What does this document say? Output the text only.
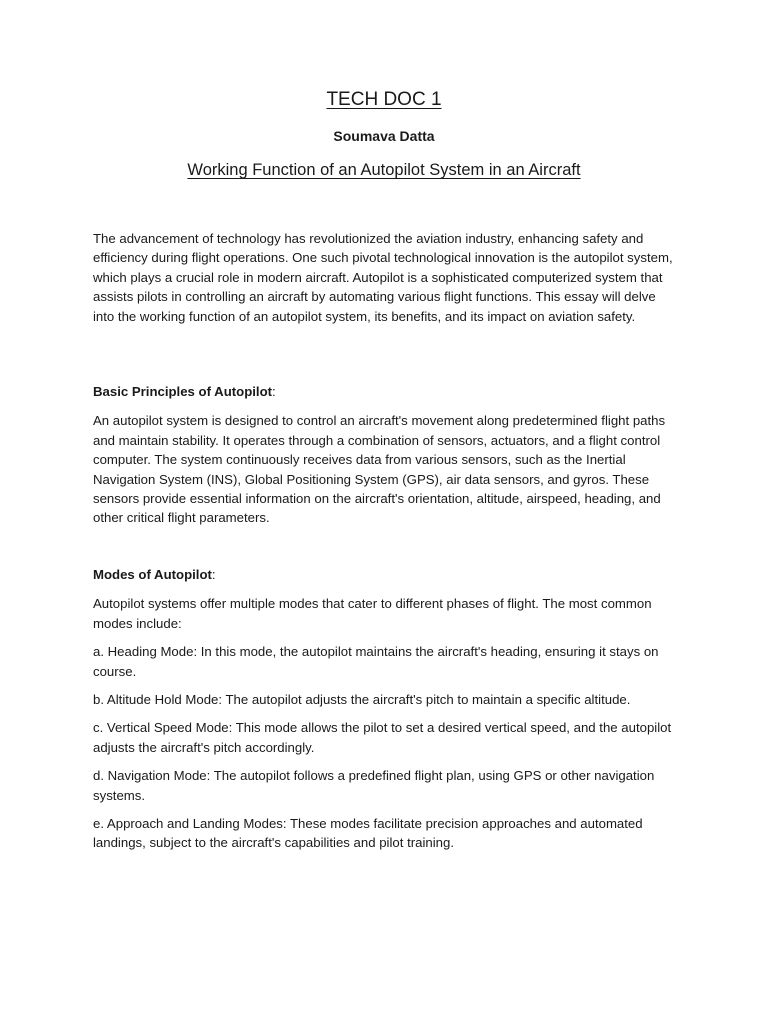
TECH DOC 1
Soumava Datta
Working Function of an Autopilot System in an Aircraft

The advancement of technology has revolutionized the aviation industry, enhancing safety and efficiency during flight operations. One such pivotal technological innovation is the autopilot system, which plays a crucial role in modern aircraft. Autopilot is a sophisticated computerized system that assists pilots in controlling an aircraft by automating various flight functions. This essay will delve into the working function of an autopilot system, its benefits, and its impact on aviation safety.

Basic Principles of Autopilot:

An autopilot system is designed to control an aircraft's movement along predetermined flight paths and maintain stability. It operates through a combination of sensors, actuators, and a flight control computer. The system continuously receives data from various sensors, such as the Inertial Navigation System (INS), Global Positioning System (GPS), air data sensors, and gyros. These sensors provide essential information on the aircraft's orientation, altitude, airspeed, heading, and other critical flight parameters.

Modes of Autopilot:

Autopilot systems offer multiple modes that cater to different phases of flight. The most common modes include:

a. Heading Mode: In this mode, the autopilot maintains the aircraft's heading, ensuring it stays on course.

b. Altitude Hold Mode: The autopilot adjusts the aircraft's pitch to maintain a specific altitude.

c. Vertical Speed Mode: This mode allows the pilot to set a desired vertical speed, and the autopilot adjusts the aircraft's pitch accordingly.

d. Navigation Mode: The autopilot follows a predefined flight plan, using GPS or other navigation systems.

e. Approach and Landing Modes: These modes facilitate precision approaches and automated landings, subject to the aircraft's capabilities and pilot training.
